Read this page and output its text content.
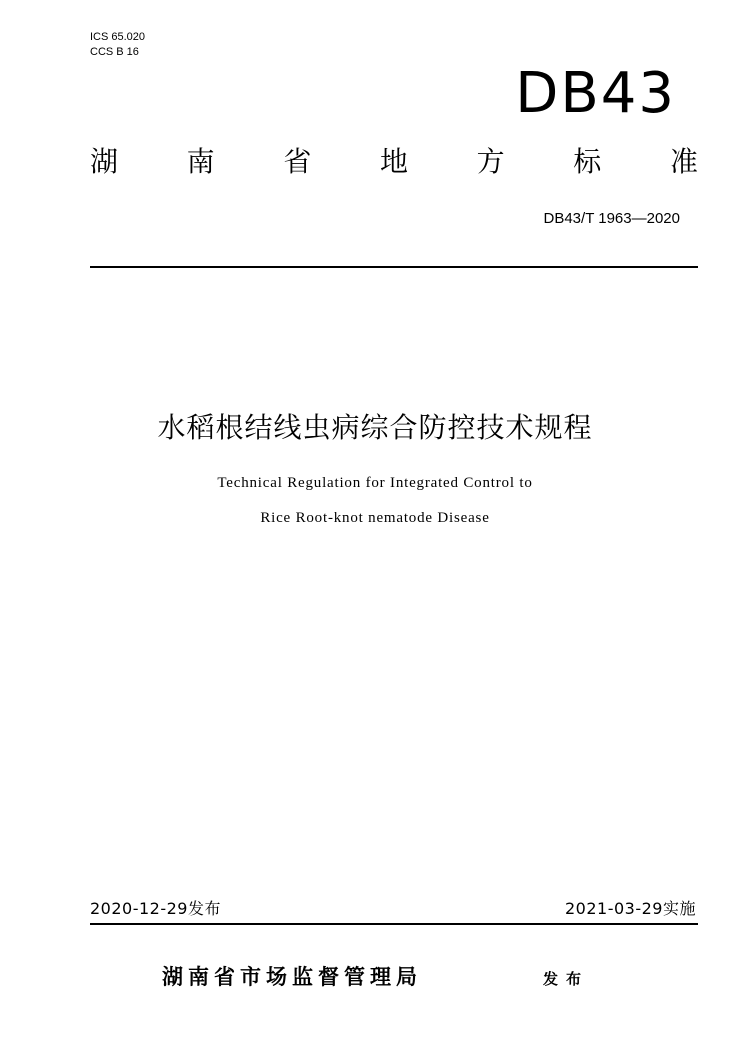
ICS 65.020
CCS B 16
DB43
湖 南 省 地 方 标 准
DB43/T 1963—2020
水稻根结线虫病综合防控技术规程
Technical Regulation for Integrated Control to
Rice Root-knot nematode Disease
2020-12-29发布	2021-03-29实施
湖南省市场监督管理局	发布
